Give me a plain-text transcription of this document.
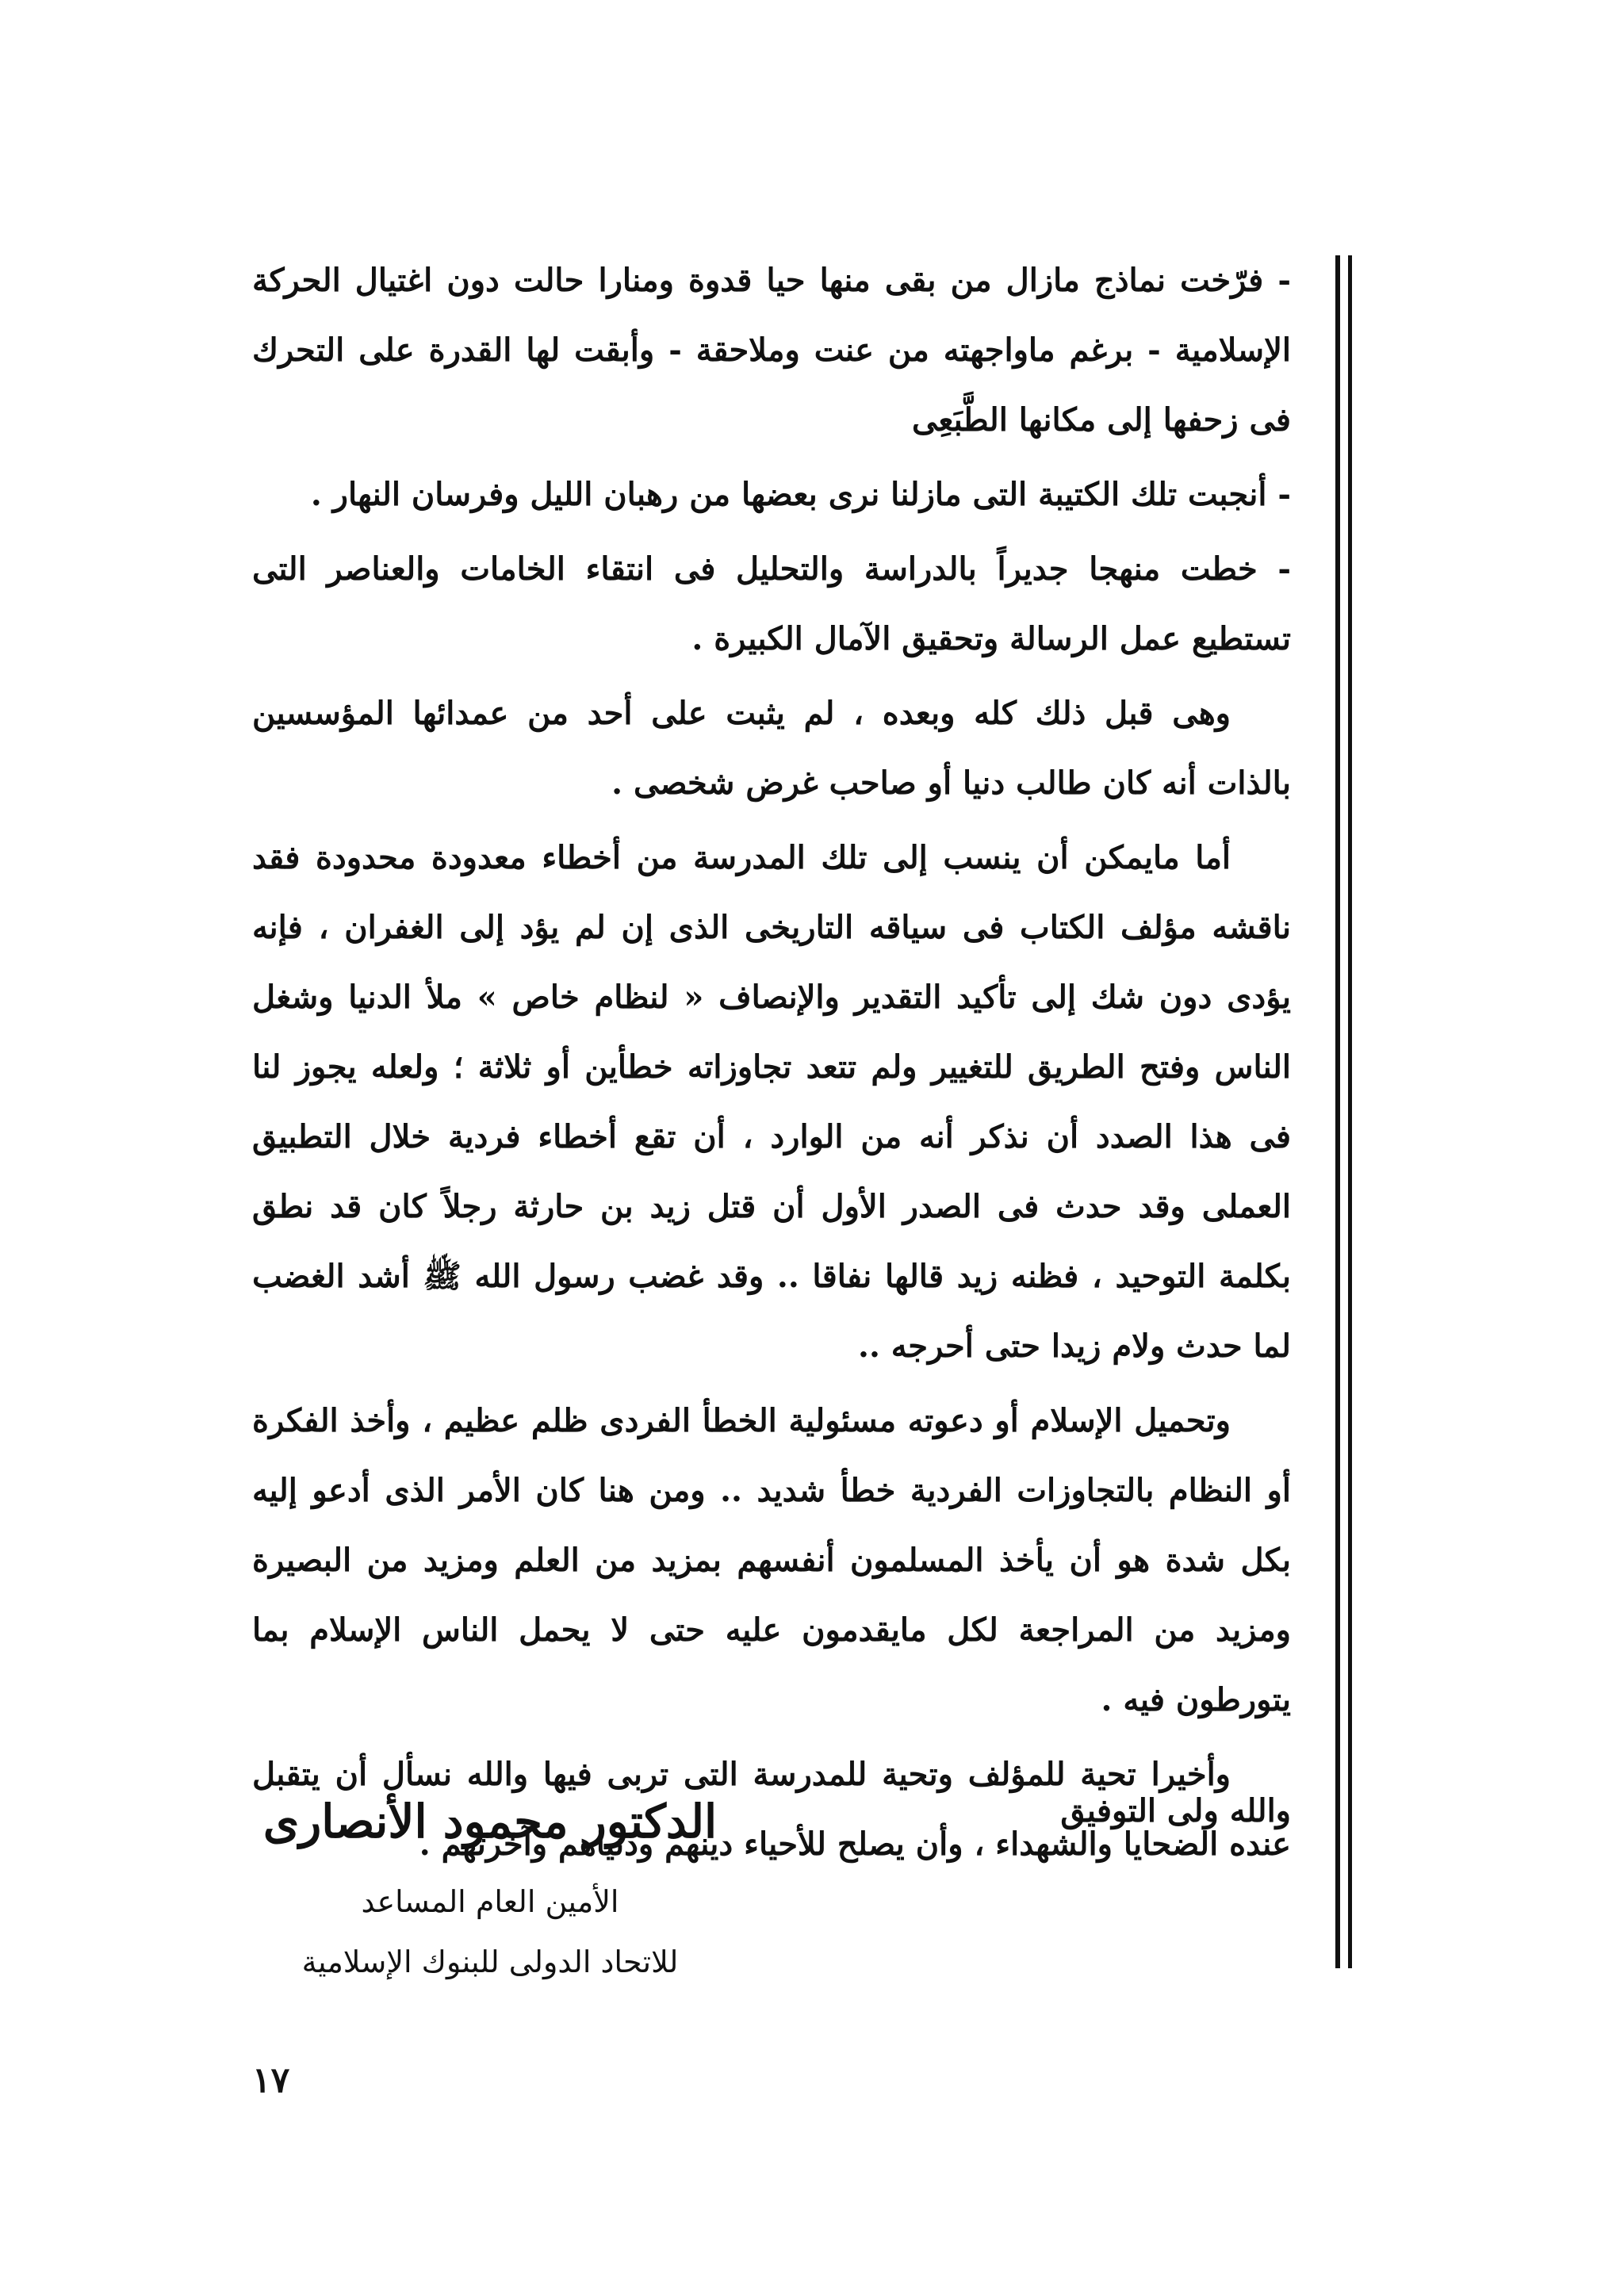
- فرّخت نماذج مازال من بقى منها حيا قدوة ومنارا حالت دون اغتيال الحركة الإسلامية - برغم ماواجهته من عنت وملاحقة - وأبقت لها القدرة على التحرك فى زحفها إلى مكانها الطَّبَعِى

- أنجبت تلك الكتيبة التى مازلنا نرى بعضها من رهبان الليل وفرسان النهار .

- خطت منهجا جديراً بالدراسة والتحليل فى انتقاء الخامات والعناصر التى تستطيع عمل الرسالة وتحقيق الآمال الكبيرة .

وهى قبل ذلك كله وبعده ، لم يثبت على أحد من عمدائها المؤسسين بالذات أنه كان طالب دنيا أو صاحب غرض شخصى .

أما مايمكن أن ينسب إلى تلك المدرسة من أخطاء معدودة محدودة فقد ناقشه مؤلف الكتاب فى سياقه التاريخى الذى إن لم يؤد إلى الغفران ، فإنه يؤدى دون شك إلى تأكيد التقدير والإنصاف « لنظام خاص » ملأ الدنيا وشغل الناس وفتح الطريق للتغيير ولم تتعد تجاوزاته خطأين أو ثلاثة ؛ ولعله يجوز لنا فى هذا الصدد أن نذكر أنه من الوارد ، أن تقع أخطاء فردية خلال التطبيق العملى وقد حدث فى الصدر الأول أن قتل زيد بن حارثة رجلاً كان قد نطق بكلمة التوحيد ، فظنه زيد قالها نفاقا .. وقد غضب رسول الله ﷺ أشد الغضب لما حدث ولام زيدا حتى أحرجه ..

وتحميل الإسلام أو دعوته مسئولية الخطأ الفردى ظلم عظيم ، وأخذ الفكرة أو النظام بالتجاوزات الفردية خطأ شديد .. ومن هنا كان الأمر الذى أدعو إليه بكل شدة هو أن يأخذ المسلمون أنفسهم بمزيد من العلم ومزيد من البصيرة ومزيد من المراجعة لكل مايقدمون عليه حتى لا يحمل الناس الإسلام بما يتورطون فيه .

وأخيرا تحية للمؤلف وتحية للمدرسة التى تربى فيها والله نسأل أن يتقبل عنده الضحايا والشهداء ، وأن يصلح للأحياء دينهم ودنياهم وآخرتهم .

والله ولى التوفيق
الدكتور محمود الأنصارى
الأمين العام المساعد
للاتحاد الدولى للبنوك الإسلامية
١٧
